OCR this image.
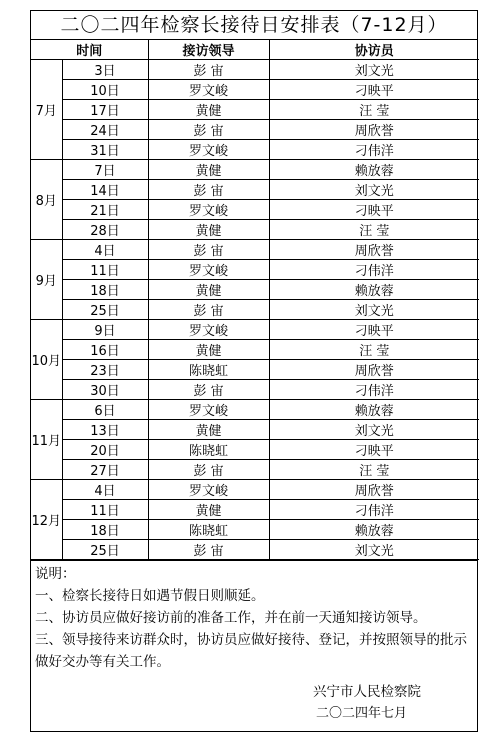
二〇二四年检察长接待日安排表（7-12月）
时间		接访领导	协访员
7月	3日	彭 宙	刘文光
	10日	罗文峻	刁映平
	17日	黄健	汪 莹
	24日	彭 宙	周欣誉
	31日	罗文峻	刁伟洋
8月	7日	黄健	赖放蓉
	14日	彭 宙	刘文光
	21日	罗文峻	刁映平
	28日	黄健	汪 莹
9月	4日	彭 宙	周欣誉
	11日	罗文峻	刁伟洋
	18日	黄健	赖放蓉
	25日	彭 宙	刘文光
10月	9日	罗文峻	刁映平
	16日	黄健	汪 莹
	23日	陈晓虹	周欣誉
	30日	彭 宙	刁伟洋
11月	6日	罗文峻	赖放蓉
	13日	黄健	刘文光
	20日	陈晓虹	刁映平
	27日	彭 宙	汪 莹
12月	4日	罗文峻	周欣誉
	11日	黄健	刁伟洋
	18日	陈晓虹	赖放蓉
	25日	彭 宙	刘文光
说明：
一、检察长接待日如遇节假日则顺延。
二、协访员应做好接访前的准备工作，并在前一天通知接访领导。
三、领导接待来访群众时，协访员应做好接待、登记，并按照领导的批示做好交办等有关工作。
兴宁市人民检察院
二〇二四年七月
